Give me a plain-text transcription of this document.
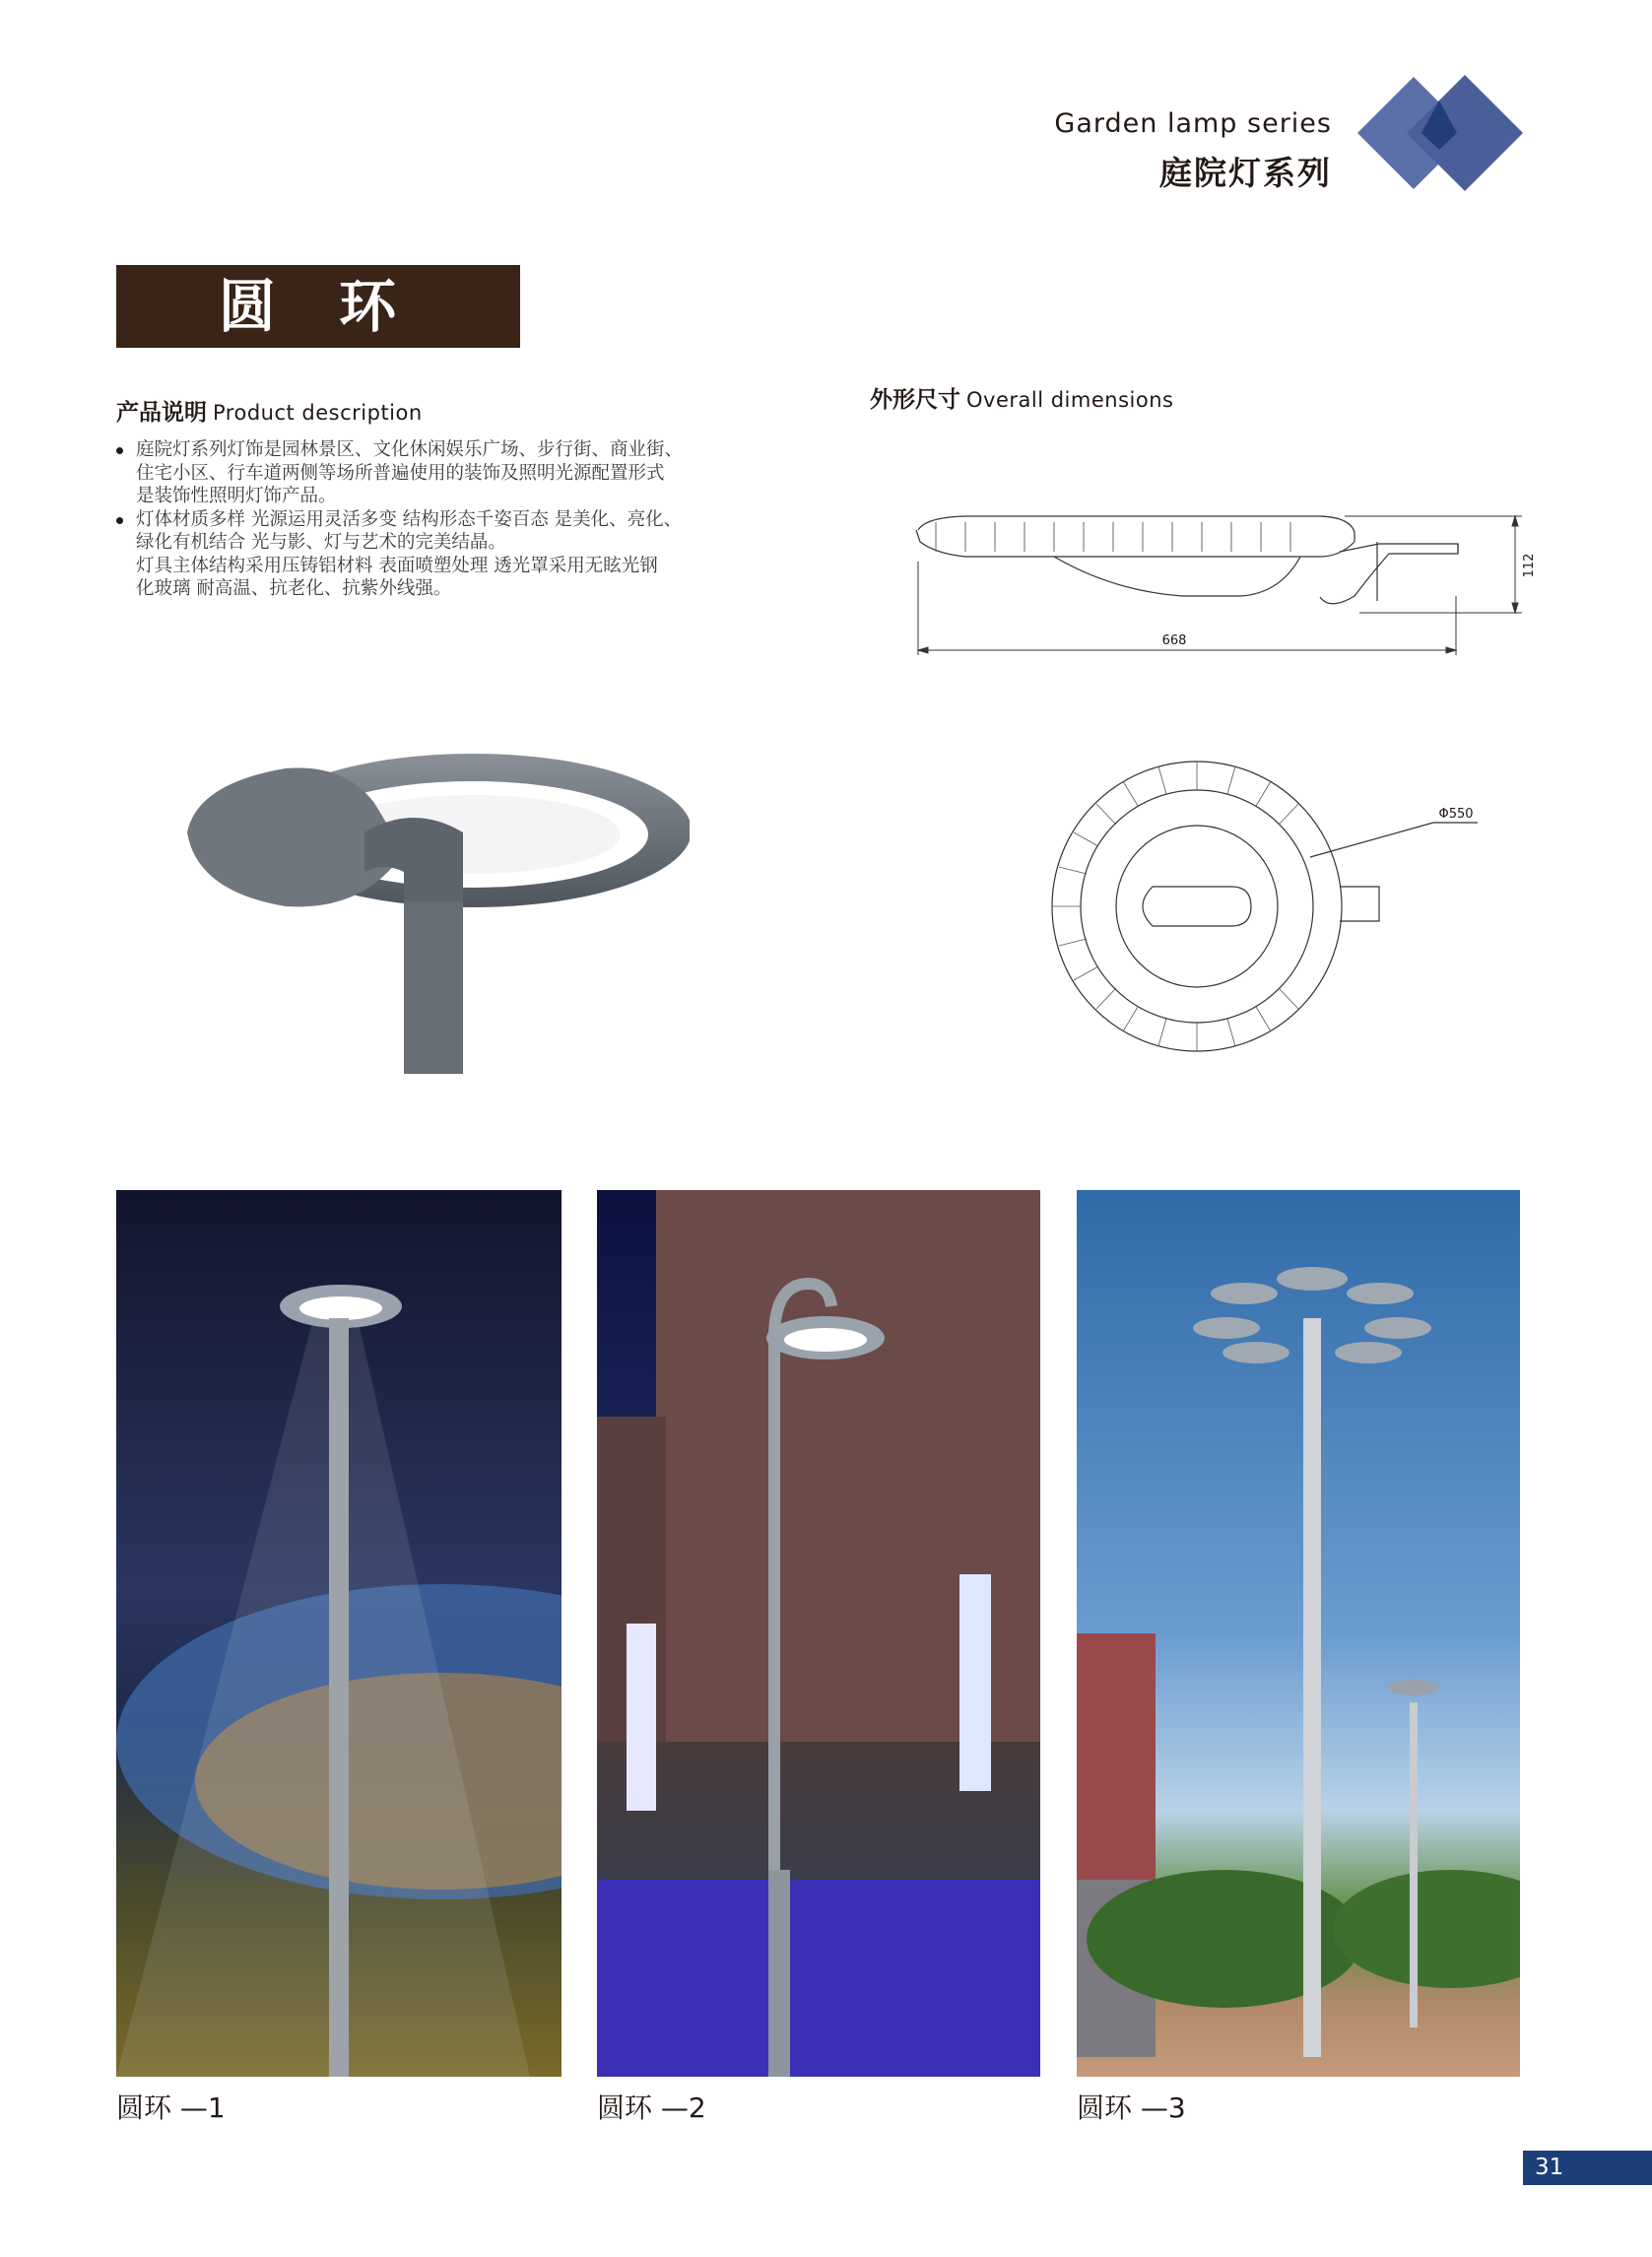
Garden lamp series
庭院灯系列
圆 环
产品说明 Product description
庭院灯系列灯饰是园林景区、文化休闲娱乐广场、步行街、商业街、
住宅小区、行车道两侧等场所普遍使用的装饰及照明光源配置形式
是装饰性照明灯饰产品。
灯体材质多样 光源运用灵活多变 结构形态千姿百态 是美化、亮化、
绿化有机结合 光与影、灯与艺术的完美结晶。
灯具主体结构采用压铸铝材料 表面喷塑处理 透光罩采用无眩光钢
化玻璃 耐高温、抗老化、抗紫外线强。
外形尺寸 Overall dimensions
668
112
Φ550
圆环 —1	圆环 —2	圆环 —3
31
